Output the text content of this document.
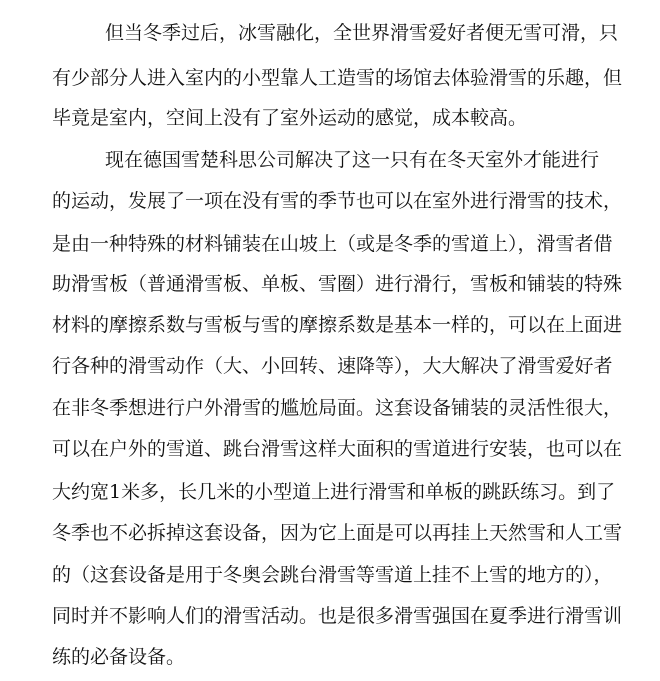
但当冬季过后，冰雪融化，全世界滑雪爱好者便无雪可滑，只
有少部分人进入室内的小型靠人工造雪的场馆去体验滑雪的乐趣，但
毕竟是室内，空间上没有了室外运动的感觉，成本較高。
现在德国雪楚科思公司解决了这一只有在冬天室外才能进行
的运动，发展了一项在没有雪的季节也可以在室外进行滑雪的技术，
是由一种特殊的材料铺装在山坡上（或是冬季的雪道上），滑雪者借
助滑雪板（普通滑雪板、单板、雪圈）进行滑行，雪板和铺装的特殊
材料的摩擦系数与雪板与雪的摩擦系数是基本一样的，可以在上面进
行各种的滑雪动作（大、小回转、速降等），大大解决了滑雪爱好者
在非冬季想进行户外滑雪的尴尬局面。这套设备铺装的灵活性很大，
可以在户外的雪道、跳台滑雪这样大面积的雪道进行安装，也可以在
大约宽1米多，长几米的小型道上进行滑雪和单板的跳跃练习。到了
冬季也不必拆掉这套设备，因为它上面是可以再挂上天然雪和人工雪
的（这套设备是用于冬奥会跳台滑雪等雪道上挂不上雪的地方的），
同时并不影响人们的滑雪活动。也是很多滑雪强国在夏季进行滑雪训
练的必备设备。
